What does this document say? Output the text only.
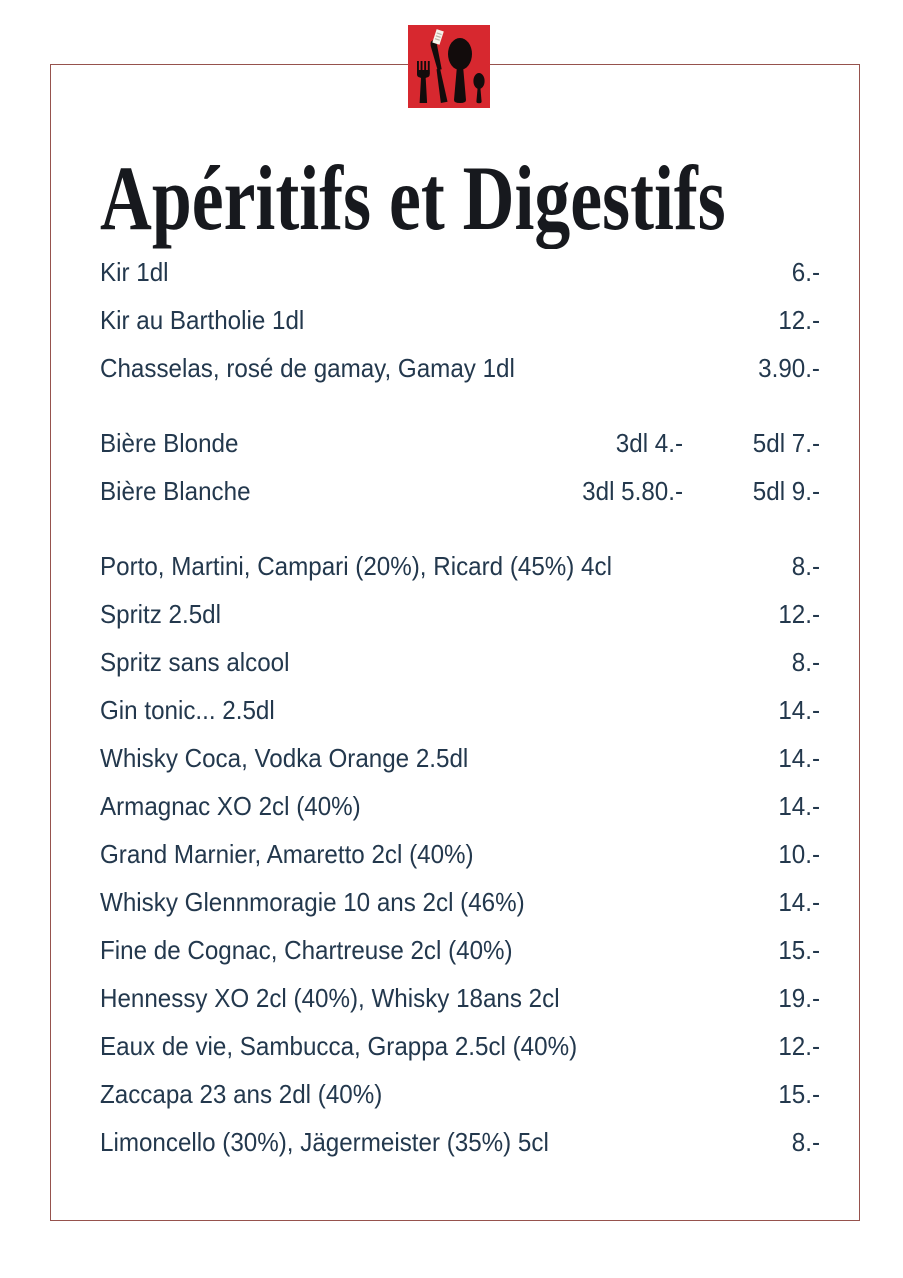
Apéritifs et Digestifs
Kir 1dl	6.-
Kir au Bartholie 1dl	12.-
Chasselas, rosé de gamay, Gamay 1dl	3.90.-
Bière Blonde	3dl 4.-	5dl 7.-
Bière Blanche	3dl 5.80.-	5dl 9.-
Porto, Martini, Campari (20%), Ricard (45%) 4cl	8.-
Spritz 2.5dl	12.-
Spritz sans alcool	8.-
Gin tonic... 2.5dl	14.-
Whisky Coca, Vodka Orange 2.5dl	14.-
Armagnac XO 2cl (40%)	14.-
Grand Marnier, Amaretto 2cl (40%)	10.-
Whisky Glennmoragie 10 ans 2cl (46%)	14.-
Fine de Cognac, Chartreuse 2cl (40%)	15.-
Hennessy XO 2cl (40%), Whisky 18ans 2cl	19.-
Eaux de vie, Sambucca, Grappa 2.5cl (40%)	12.-
Zaccapa 23 ans 2dl (40%)	15.-
Limoncello (30%), Jägermeister (35%) 5cl	8.-
